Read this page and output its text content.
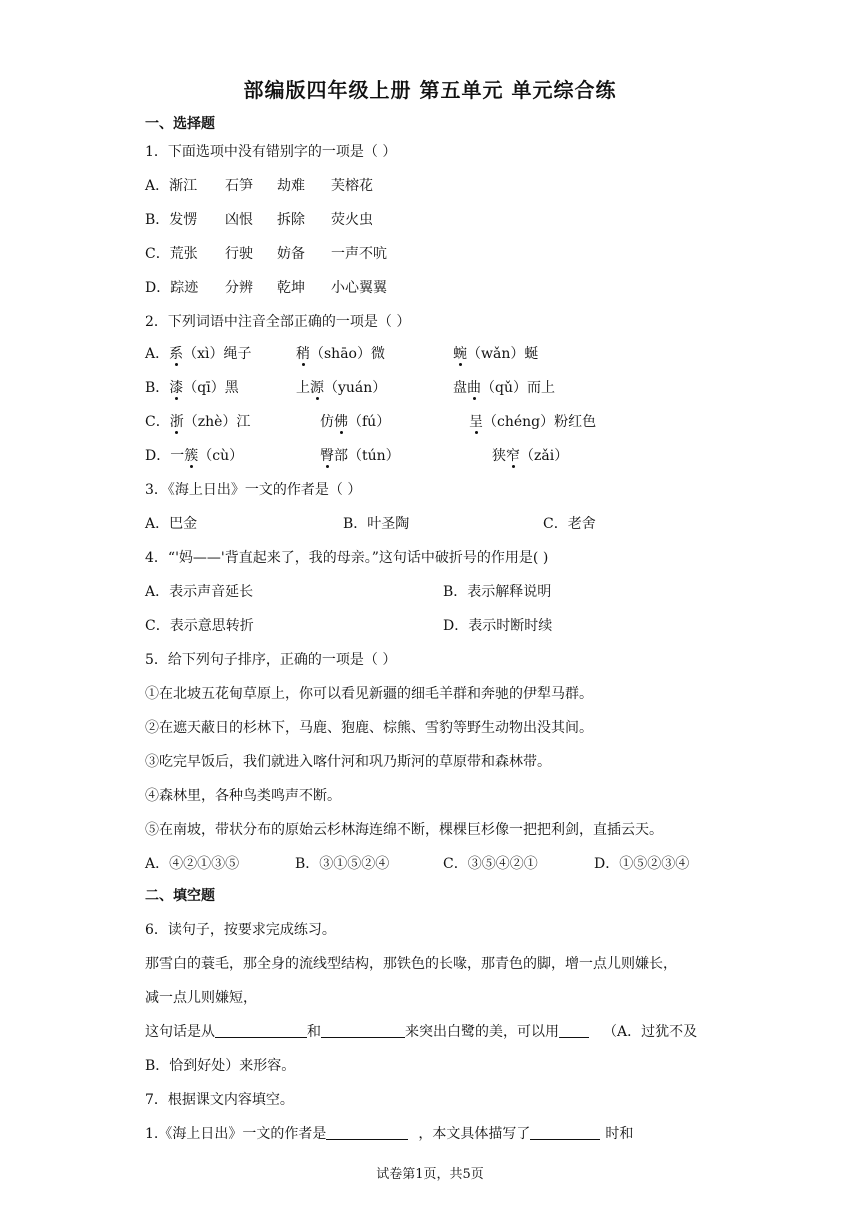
部编版四年级上册 第五单元 单元综合练
一、选择题
1．下面选项中没有错别字的一项是（ ）
A．渐江 石笋 劫难 芙榕花
B．发愣 凶恨 拆除 荧火虫
C．荒张 行驶 妨备 一声不吭
D．踪迹 分辨 乾坤 小心翼翼
2．下列词语中注音全部正确的一项是（ ）
A．系（xì）绳子	稍（shāo）微	蜿（wǎn）蜒
B．漆（qī）黑	上源（yuán）	盘曲（qǔ）而上
C．浙（zhè）江	仿佛（fú）	呈（chéng）粉红色
D．一簇（cù）	臀部（tún）	狭窄（zǎi）
3．《海上日出》一文的作者是（ ）
A．巴金	B．叶圣陶	C．老舍
4．“'妈——'背直起来了，我的母亲。”这句话中破折号的作用是( )
A．表示声音延长	B．表示解释说明
C．表示意思转折	D．表示时断时续
5．给下列句子排序，正确的一项是（ ）
①在北坡五花甸草原上，你可以看见新疆的细毛羊群和奔驰的伊犁马群。
②在遮天蔽日的杉林下，马鹿、狍鹿、棕熊、雪豹等野生动物出没其间。
③吃完早饭后，我们就进入喀什河和巩乃斯河的草原带和森林带。
④森林里，各种鸟类鸣声不断。
⑤在南坡，带状分布的原始云杉林海连绵不断，棵棵巨杉像一把把利剑，直插云天。
A．④②①③⑤	B．③①⑤②④	C．③⑤④②①	D．①⑤②③④
二、填空题
6．读句子，按要求完成练习。
那雪白的蓑毛，那全身的流线型结构，那铁色的长喙，那青色的脚，增一点儿则嫌长，
减一点儿则嫌短，
这句话是从	和	来突出白鹭的美，可以用	（A．过犹不及
B．恰到好处）来形容。
7．根据课文内容填空。
1.《海上日出》一文的作者是	，本文具体描写了	时和
试卷第1页，共5页
